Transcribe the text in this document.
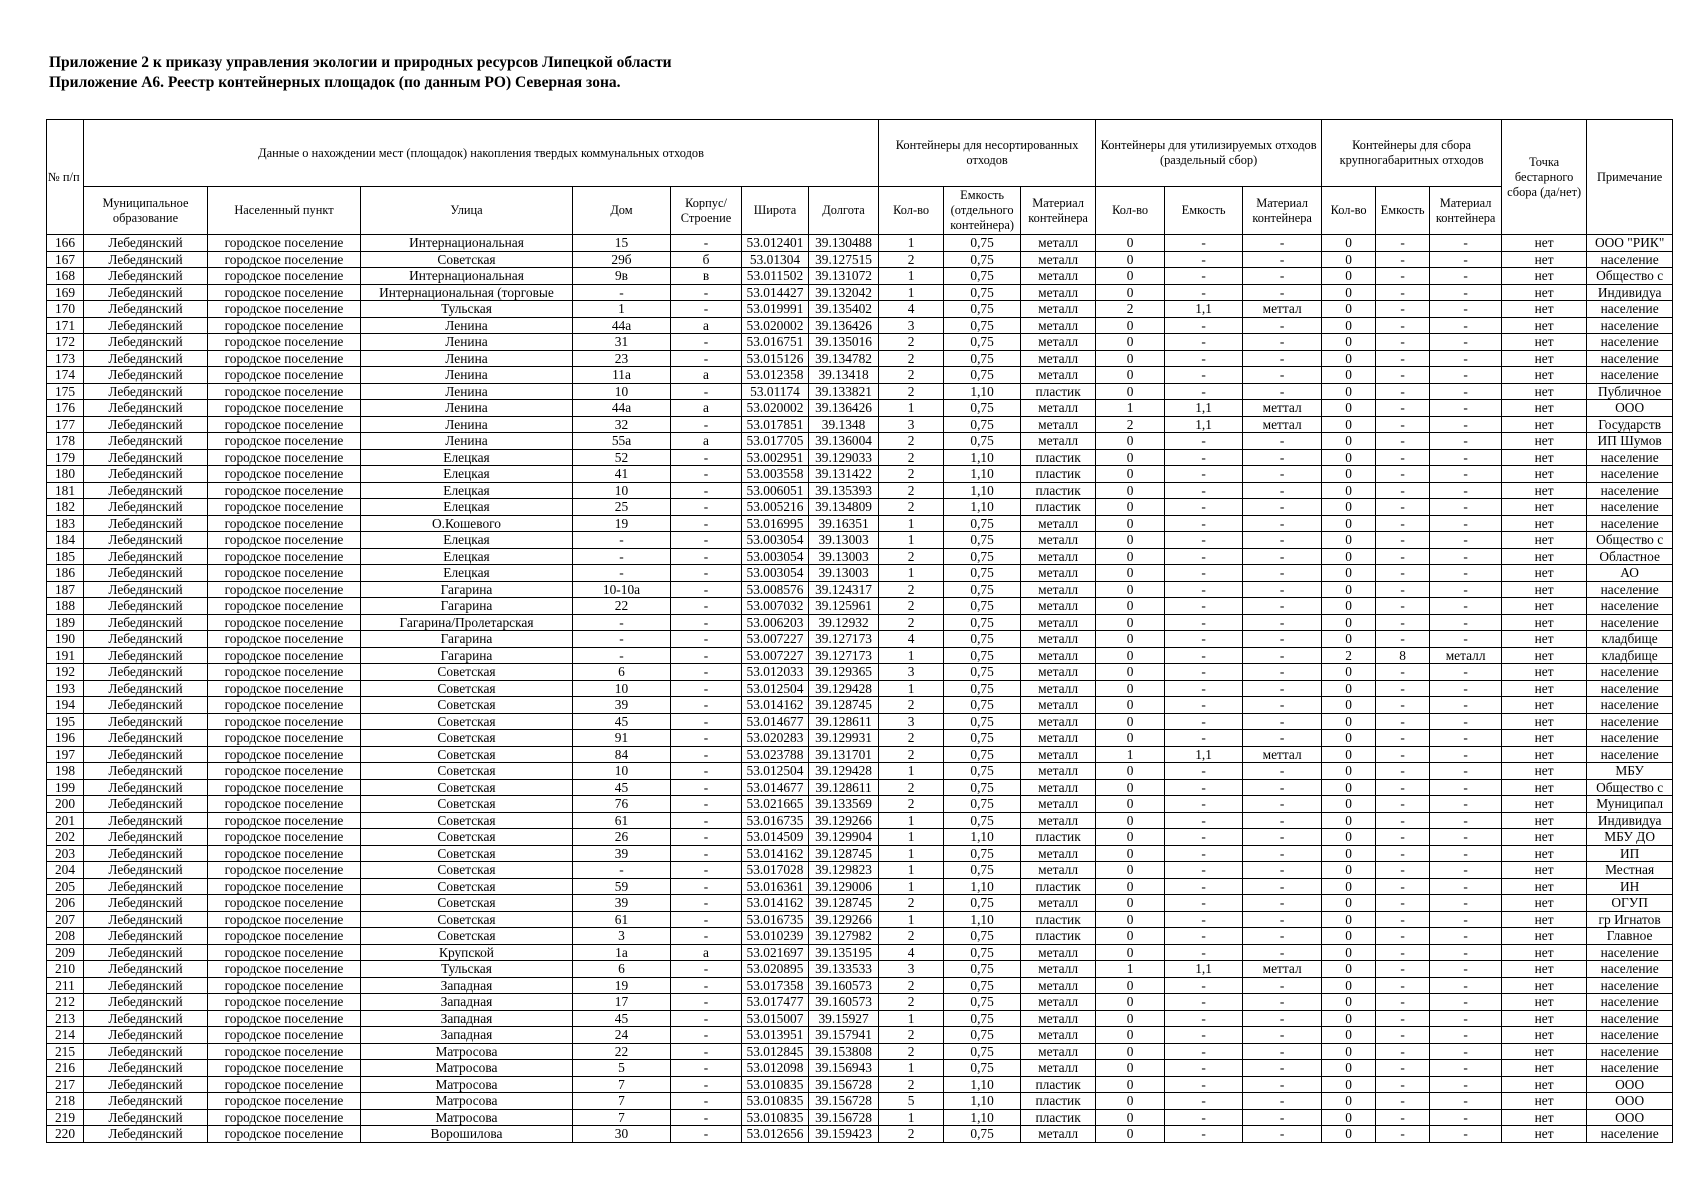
Приложение 2 к приказу управления экологии и природных ресурсов Липецкой области
Приложение А6. Реестр контейнерных площадок (по данным РО) Северная зона.
№ п/п	Данные о нахождении мест (площадок) накопления твердых коммунальных отходов							Контейнеры для несортированных отходов			Контейнеры для утилизируемых отходов (раздельный сбор)			Контейнеры для сбора крупногабаритных отходов			Точка бестарного сбора (да/нет)	Примечание
	Муниципальное образование	Населенный пункт	Улица	Дом	Корпус/ Строение	Широта	Долгота	Кол-во	Емкость (отдельного контейнера)	Материал контейнера	Кол-во	Емкость	Материал контейнера	Кол-во	Емкость	Материал контейнера		
166	Лебедянский	городское поселение	Интернациональная	15	-	53.012401	39.130488	1	0,75	металл	0	-	-	0	-	-	нет	ООО "РИК"
167	Лебедянский	городское поселение	Советская	29б	б	53.01304	39.127515	2	0,75	металл	0	-	-	0	-	-	нет	население
168	Лебедянский	городское поселение	Интернациональная	9в	в	53.011502	39.131072	1	0,75	металл	0	-	-	0	-	-	нет	Общество с
169	Лебедянский	городское поселение	Интернациональная (торговые	-	-	53.014427	39.132042	1	0,75	металл	0	-	-	0	-	-	нет	Индивидуа
170	Лебедянский	городское поселение	Тульская	1	-	53.019991	39.135402	4	0,75	металл	2	1,1	меттал	0	-	-	нет	население
171	Лебедянский	городское поселение	Ленина	44а	а	53.020002	39.136426	3	0,75	металл	0	-	-	0	-	-	нет	население
172	Лебедянский	городское поселение	Ленина	31	-	53.016751	39.135016	2	0,75	металл	0	-	-	0	-	-	нет	население
173	Лебедянский	городское поселение	Ленина	23	-	53.015126	39.134782	2	0,75	металл	0	-	-	0	-	-	нет	население
174	Лебедянский	городское поселение	Ленина	11а	а	53.012358	39.13418	2	0,75	металл	0	-	-	0	-	-	нет	население
175	Лебедянский	городское поселение	Ленина	10	-	53.01174	39.133821	2	1,10	пластик	0	-	-	0	-	-	нет	Публичное
176	Лебедянский	городское поселение	Ленина	44а	а	53.020002	39.136426	1	0,75	металл	1	1,1	меттал	0	-	-	нет	ООО
177	Лебедянский	городское поселение	Ленина	32	-	53.017851	39.1348	3	0,75	металл	2	1,1	меттал	0	-	-	нет	Государств
178	Лебедянский	городское поселение	Ленина	55а	а	53.017705	39.136004	2	0,75	металл	0	-	-	0	-	-	нет	ИП Шумов
179	Лебедянский	городское поселение	Елецкая	52	-	53.002951	39.129033	2	1,10	пластик	0	-	-	0	-	-	нет	население
180	Лебедянский	городское поселение	Елецкая	41	-	53.003558	39.131422	2	1,10	пластик	0	-	-	0	-	-	нет	население
181	Лебедянский	городское поселение	Елецкая	10	-	53.006051	39.135393	2	1,10	пластик	0	-	-	0	-	-	нет	население
182	Лебедянский	городское поселение	Елецкая	25	-	53.005216	39.134809	2	1,10	пластик	0	-	-	0	-	-	нет	население
183	Лебедянский	городское поселение	О.Кошевого	19	-	53.016995	39.16351	1	0,75	металл	0	-	-	0	-	-	нет	население
184	Лебедянский	городское поселение	Елецкая	-	-	53.003054	39.13003	1	0,75	металл	0	-	-	0	-	-	нет	Общество с
185	Лебедянский	городское поселение	Елецкая	-	-	53.003054	39.13003	2	0,75	металл	0	-	-	0	-	-	нет	Областное
186	Лебедянский	городское поселение	Елецкая	-	-	53.003054	39.13003	1	0,75	металл	0	-	-	0	-	-	нет	АО
187	Лебедянский	городское поселение	Гагарина	10-10а	-	53.008576	39.124317	2	0,75	металл	0	-	-	0	-	-	нет	население
188	Лебедянский	городское поселение	Гагарина	22	-	53.007032	39.125961	2	0,75	металл	0	-	-	0	-	-	нет	население
189	Лебедянский	городское поселение	Гагарина/Пролетарская	-	-	53.006203	39.12932	2	0,75	металл	0	-	-	0	-	-	нет	население
190	Лебедянский	городское поселение	Гагарина	-	-	53.007227	39.127173	4	0,75	металл	0	-	-	0	-	-	нет	кладбище
191	Лебедянский	городское поселение	Гагарина	-	-	53.007227	39.127173	1	0,75	металл	0	-	-	2	8	металл	нет	кладбище
192	Лебедянский	городское поселение	Советская	6	-	53.012033	39.129365	3	0,75	металл	0	-	-	0	-	-	нет	население
193	Лебедянский	городское поселение	Советская	10	-	53.012504	39.129428	1	0,75	металл	0	-	-	0	-	-	нет	население
194	Лебедянский	городское поселение	Советская	39	-	53.014162	39.128745	2	0,75	металл	0	-	-	0	-	-	нет	население
195	Лебедянский	городское поселение	Советская	45	-	53.014677	39.128611	3	0,75	металл	0	-	-	0	-	-	нет	население
196	Лебедянский	городское поселение	Советская	91	-	53.020283	39.129931	2	0,75	металл	0	-	-	0	-	-	нет	население
197	Лебедянский	городское поселение	Советская	84	-	53.023788	39.131701	2	0,75	металл	1	1,1	меттал	0	-	-	нет	население
198	Лебедянский	городское поселение	Советская	10	-	53.012504	39.129428	1	0,75	металл	0	-	-	0	-	-	нет	МБУ
199	Лебедянский	городское поселение	Советская	45	-	53.014677	39.128611	2	0,75	металл	0	-	-	0	-	-	нет	Общество с
200	Лебедянский	городское поселение	Советская	76	-	53.021665	39.133569	2	0,75	металл	0	-	-	0	-	-	нет	Муниципал
201	Лебедянский	городское поселение	Советская	61	-	53.016735	39.129266	1	0,75	металл	0	-	-	0	-	-	нет	Индивидуа
202	Лебедянский	городское поселение	Советская	26	-	53.014509	39.129904	1	1,10	пластик	0	-	-	0	-	-	нет	МБУ ДО
203	Лебедянский	городское поселение	Советская	39	-	53.014162	39.128745	1	0,75	металл	0	-	-	0	-	-	нет	ИП
204	Лебедянский	городское поселение	Советская	-	-	53.017028	39.129823	1	0,75	металл	0	-	-	0	-	-	нет	Местная
205	Лебедянский	городское поселение	Советская	59	-	53.016361	39.129006	1	1,10	пластик	0	-	-	0	-	-	нет	ИН
206	Лебедянский	городское поселение	Советская	39	-	53.014162	39.128745	2	0,75	металл	0	-	-	0	-	-	нет	ОГУП
207	Лебедянский	городское поселение	Советская	61	-	53.016735	39.129266	1	1,10	пластик	0	-	-	0	-	-	нет	гр Игнатов
208	Лебедянский	городское поселение	Советская	3	-	53.010239	39.127982	2	0,75	пластик	0	-	-	0	-	-	нет	Главное
209	Лебедянский	городское поселение	Крупской	1а	а	53.021697	39.135195	4	0,75	металл	0	-	-	0	-	-	нет	население
210	Лебедянский	городское поселение	Тульская	6	-	53.020895	39.133533	3	0,75	металл	1	1,1	меттал	0	-	-	нет	население
211	Лебедянский	городское поселение	Западная	19	-	53.017358	39.160573	2	0,75	металл	0	-	-	0	-	-	нет	население
212	Лебедянский	городское поселение	Западная	17	-	53.017477	39.160573	2	0,75	металл	0	-	-	0	-	-	нет	население
213	Лебедянский	городское поселение	Западная	45	-	53.015007	39.15927	1	0,75	металл	0	-	-	0	-	-	нет	население
214	Лебедянский	городское поселение	Западная	24	-	53.013951	39.157941	2	0,75	металл	0	-	-	0	-	-	нет	население
215	Лебедянский	городское поселение	Матросова	22	-	53.012845	39.153808	2	0,75	металл	0	-	-	0	-	-	нет	население
216	Лебедянский	городское поселение	Матросова	5	-	53.012098	39.156943	1	0,75	металл	0	-	-	0	-	-	нет	население
217	Лебедянский	городское поселение	Матросова	7	-	53.010835	39.156728	2	1,10	пластик	0	-	-	0	-	-	нет	ООО
218	Лебедянский	городское поселение	Матросова	7	-	53.010835	39.156728	5	1,10	пластик	0	-	-	0	-	-	нет	ООО
219	Лебедянский	городское поселение	Матросова	7	-	53.010835	39.156728	1	1,10	пластик	0	-	-	0	-	-	нет	ООО
220	Лебедянский	городское поселение	Ворошилова	30	-	53.012656	39.159423	2	0,75	металл	0	-	-	0	-	-	нет	население
